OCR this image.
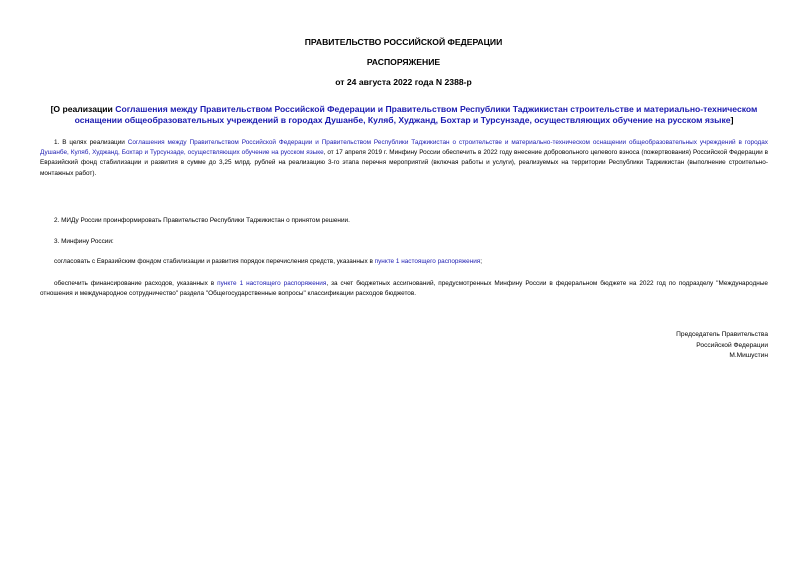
ПРАВИТЕЛЬСТВО РОССИЙСКОЙ ФЕДЕРАЦИИ
РАСПОРЯЖЕНИЕ
от 24 августа 2022 года N 2388-р
[О реализации Соглашения между Правительством Российской Федерации и Правительством Республики Таджикистан строительстве и материально-техническом оснащении общеобразовательных учреждений в городах Душанбе, Куляб, Худжанд, Бохтар и Турсунзаде, осуществляющих обучение на русском языке]
1. В целях реализации Соглашения между Правительством Российской Федерации и Правительством Республики Таджикистан о строительстве и материально-техническом оснащении общеобразовательных учреждений в городах Душанбе, Куляб, Худжанд, Бохтар и Турсунзаде, осуществляющих обучение на русском языке, от 17 апреля 2019 г. Минфину России обеспечить в 2022 году внесение добровольного целевого взноса (пожертвования) Российской Федерации в Евразийский фонд стабилизации и развития в сумме до 3,25 млрд. рублей на реализацию 3-го этапа перечня мероприятий (включая работы и услуги), реализуемых на территории Республики Таджикистан (выполнение строительно-монтажных работ).
2. МИДу России проинформировать Правительство Республики Таджикистан о принятом решении.
3. Минфину России:
согласовать с Евразийским фондом стабилизации и развития порядок перечисления средств, указанных в пункте 1 настоящего распоряжения;
обеспечить финансирование расходов, указанных в пункте 1 настоящего распоряжения, за счет бюджетных ассигнований, предусмотренных Минфину России в федеральном бюджете на 2022 год по подразделу "Международные отношения и международное сотрудничество" раздела "Общегосударственные вопросы" классификации расходов бюджетов.
Председатель Правительства
Российской Федерации
М.Мишустин
